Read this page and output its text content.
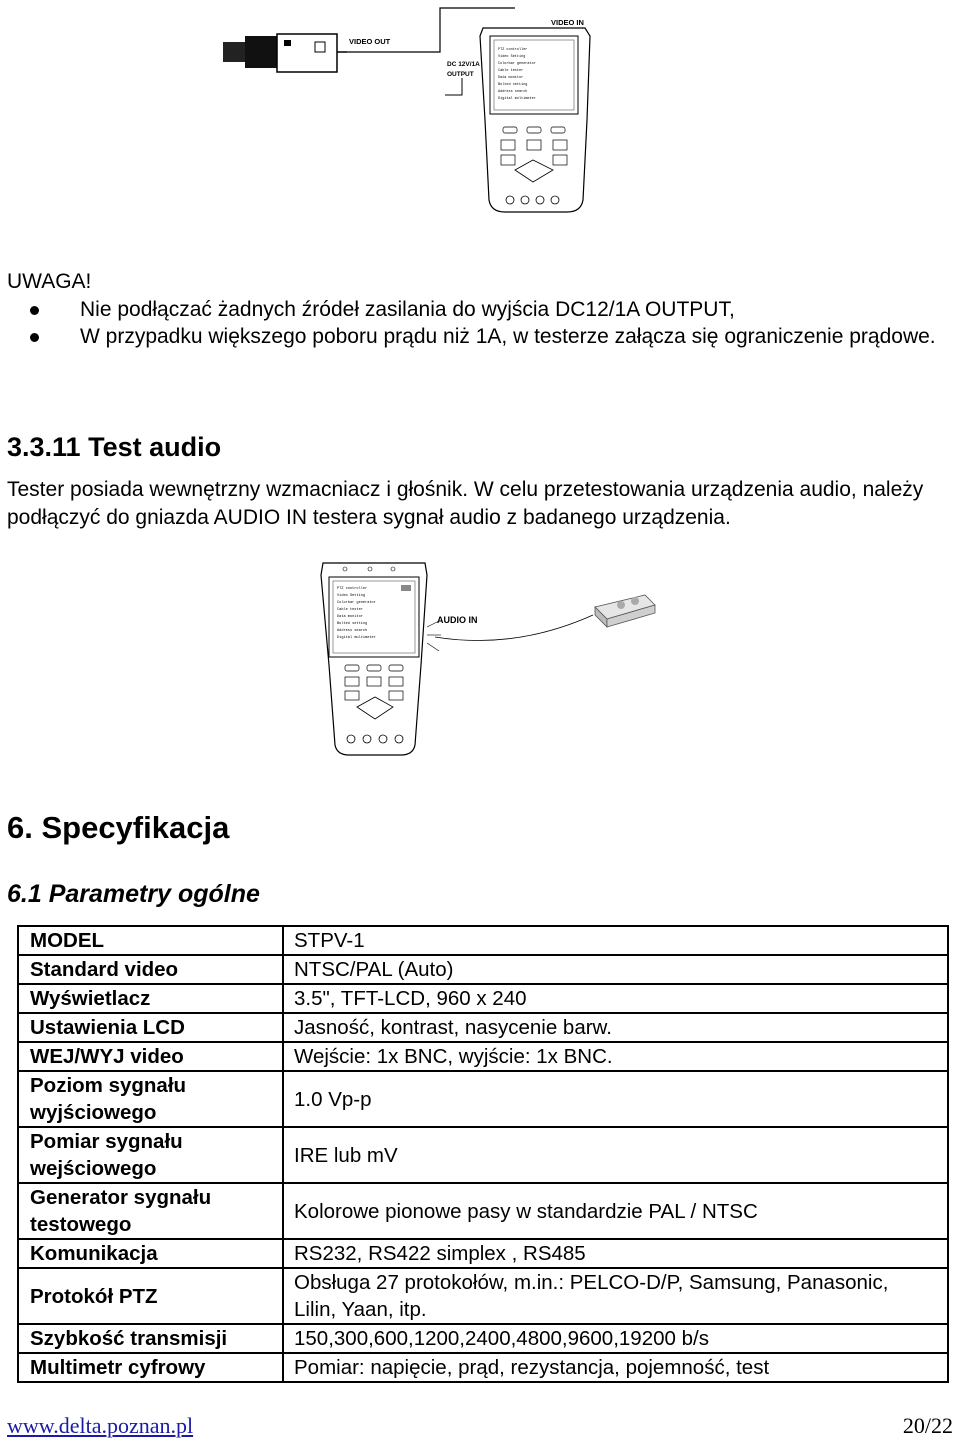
VIDEO OUT
VIDEO IN
DC 12V/1A
OUTPUT
PTZ controller
Video Setting
Colorbar generator
Cable tester
Data monitor
Bolted setting
Address search
Digital multimeter
UWAGA!
Nie podłączać żadnych źródeł zasilania do wyjścia DC12/1A OUTPUT,
W przypadku większego poboru prądu niż 1A, w testerze załącza się ograniczenie prądowe.
3.3.11 Test audio
Tester posiada wewnętrzny wzmacniacz i głośnik. W celu przetestowania urządzenia audio, należy podłączyć do gniazda AUDIO IN testera sygnał audio z badanego urządzenia.
PTZ controller
Video Setting
Colorbar generator
Cable tester
Data monitor
Bolted setting
Address search
Digital multimeter
AUDIO IN
6. Specyfikacja
6.1 Parametry ogólne
MODEL	STPV-1
Standard video	NTSC/PAL (Auto)
Wyświetlacz	3.5", TFT-LCD, 960 x 240
Ustawienia LCD	Jasność, kontrast, nasycenie barw.
WEJ/WYJ video	Wejście: 1x BNC, wyjście: 1x BNC.
Poziom sygnału wyjściowego	1.0 Vp-p
Pomiar sygnału wejściowego	IRE lub mV
Generator sygnału testowego	Kolorowe pionowe pasy w standardzie PAL / NTSC
Komunikacja	RS232, RS422 simplex , RS485
Protokół PTZ	Obsługa 27 protokołów, m.in.: PELCO-D/P, Samsung, Panasonic, Lilin, Yaan, itp.
Szybkość transmisji	150,300,600,1200,2400,4800,9600,19200 b/s
Multimetr cyfrowy	Pomiar: napięcie, prąd, rezystancja, pojemność, test
www.delta.poznan.pl	20/22
